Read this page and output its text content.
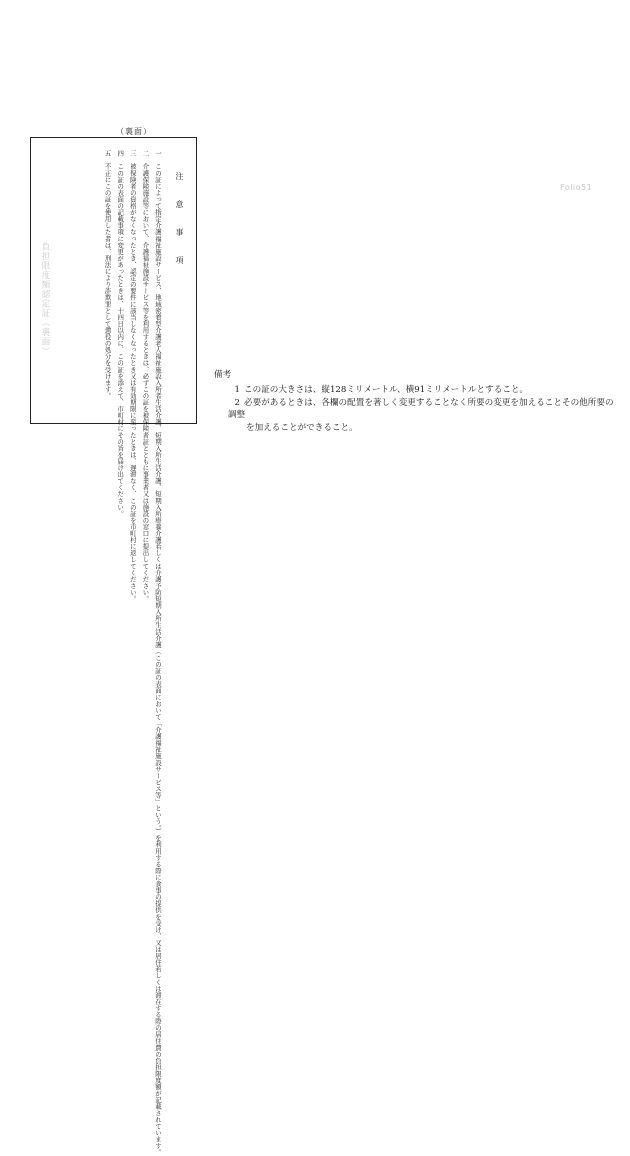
（裏面）
注　意　事　項
一　この証によって指定介護福祉施設サービス、地域密着型介護老人福祉施設入所者生活介護、短期入所生活介護、短期入所療養介護若しくは介護予防短期入所生活介護（この証の表面において「介護福祉施設サービス等」という。）を利用する際に食事の提供を受け、又は居住若しくは滞在する際の居住費の負担限度額が記載されています。
二　介護保険施設等において、介護福祉施設サービス等を利用するときは、必ずこの証を被保険者証とともに事業者又は施設の窓口に提出してください。
三　被保険者の資格がなくなったとき、認定の要件に該当しなくなったとき又は有効期限に至ったときは、遅滞なく、この証を市町村に返してください。
四　この証の表面の記載事項に変更があったときは、十四日以内に、この証を添えて、市町村にその旨を届け出てください。
五　不正にこの証を使用した者は、刑法により詐欺罪として懲役の処分を受けます。
負担限度額認定証（裏面）
Folio51
備考
1 この証の大きさは、縦128ミリメートル、横91ミリメートルとすること。
2 必要があるときは、各欄の配置を著しく変更することなく所要の変更を加えることその他所要の調整
を加えることができること。
